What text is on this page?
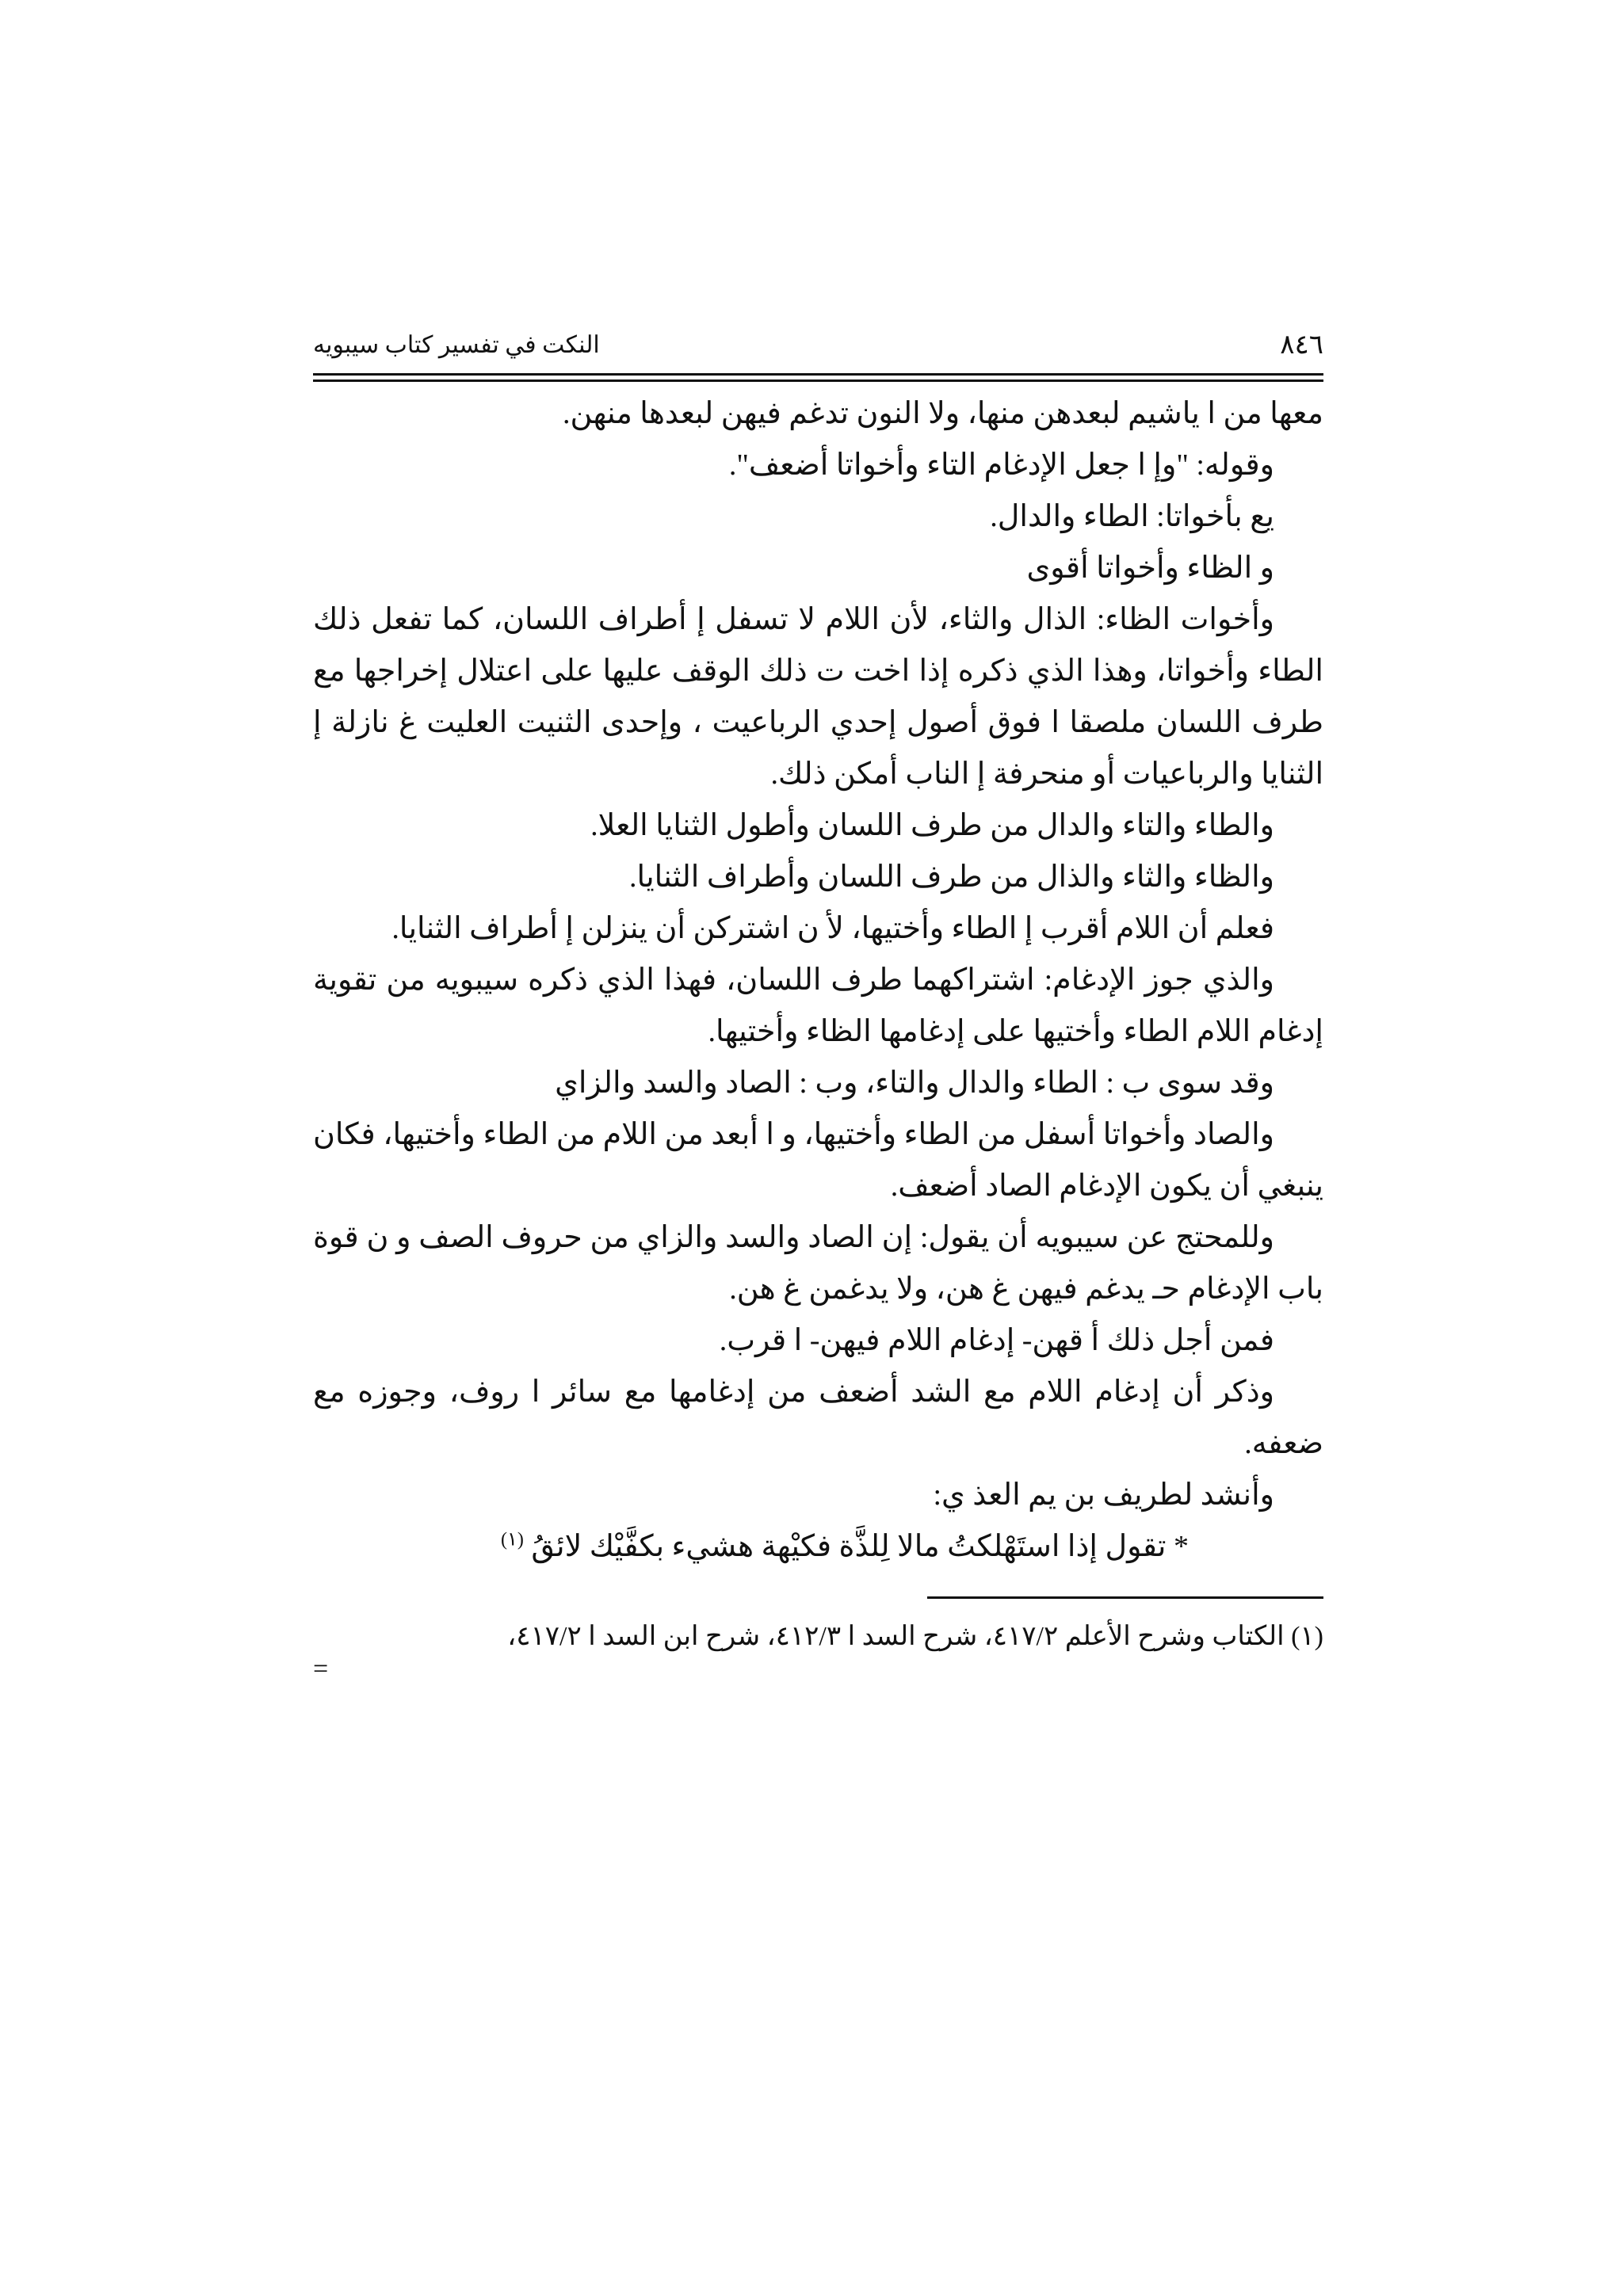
٨٤٦
النكت في تفسير كتاب سيبويه

معها من ا ياشيم لبعدهن منها، ولا النون تدغم فيهن لبعدها منهن.

وقوله: "وإ ا جعل الإدغام التاء وأخواتا أضعف".

يع بأخواتا: الطاء والدال.

و الظاء وأخواتا أقوى

وأخوات الظاء: الذال والثاء، لأن اللام لا تسفل إ أطراف اللسان، كما تفعل ذلك الطاء وأخواتا، وهذا الذي ذكره إذا اخت ت ذلك الوقف عليها على اعتلال إخراجها مع طرف اللسان ملصقا ا فوق أصول إحدي الرباعيت ، وإحدى الثنيت العليت غ نازلة إ الثنايا والرباعيات أو منحرفة إ الناب أمكن ذلك.

والطاء والتاء والدال من طرف اللسان وأطول الثنايا العلا.

والظاء والثاء والذال من طرف اللسان وأطراف الثنايا.

فعلم أن اللام أقرب إ الطاء وأختيها، لأ ن اشتركن أن ينزلن إ أطراف الثنايا.

والذي جوز الإدغام: اشتراكهما طرف اللسان، فهذا الذي ذكره سيبويه من تقوية إدغام اللام الطاء وأختيها على إدغامها الظاء وأختيها.

وقد سوى ب : الطاء والدال والتاء، وب : الصاد والسد والزاي

والصاد وأخواتا أسفل من الطاء وأختيها، و ا أبعد من اللام من الطاء وأختيها، فكان ينبغي أن يكون الإدغام الصاد أضعف.

وللمحتج عن سيبويه أن يقول: إن الصاد والسد والزاي من حروف الصف و ن قوة باب الإدغام حـ يدغم فيهن غ هن، ولا يدغمن غ هن.

فمن أجل ذلك أ قهن- إدغام اللام فيهن- ا قرب.

وذكر أن إدغام اللام مع الشد أضعف من إدغامها مع سائر ا روف، وجوزه مع ضعفه.

وأنشد لطريف بن يم العذ ي:

* تقول إذا استَهْلكتُ مالا لِلذَّة فكيْهة هشيء بكفَّيْك لائقُ $^{(١)}$

(١) الكتاب وشرح الأعلم ٤١٧/٢، شرح السد ا ٤١٢/٣، شرح ابن السد ا ٤١٧/٢،

=
